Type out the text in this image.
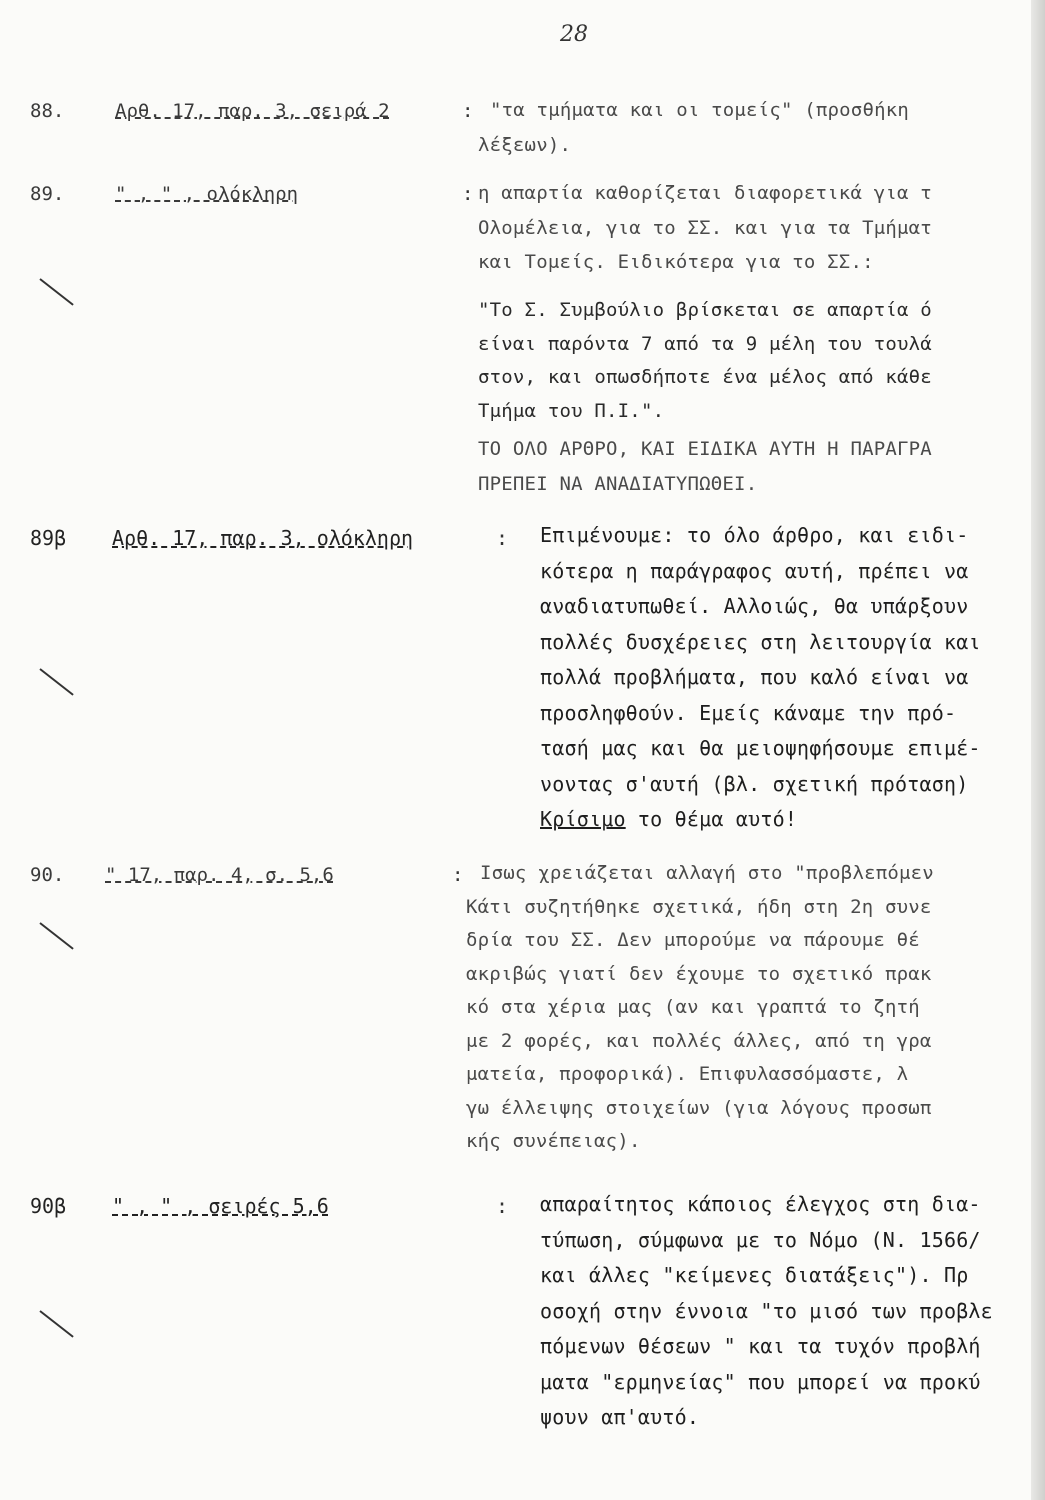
28
88.	Αρθ. 17, παρ. 3, σειρά 2	: "τα τμήματα και οι τομείς" (προσθήκη
λέξεων).
89.	" , " , ολόκληρη	: η απαρτία καθορίζεται διαφορετικά για τ
Ολομέλεια, για το ΣΣ. και για τα Τμήματ
και Τομείς. Ειδικότερα για το ΣΣ.:
"Το Σ. Συμβούλιο βρίσκεται σε απαρτία ό
είναι παρόντα 7 από τα 9 μέλη του τουλά
στον, και οπωσδήποτε ένα μέλος από κάθε
Τμήμα του Π.Ι.".
ΤΟ ΟΛΟ ΑΡΘΡΟ, ΚΑΙ ΕΙΔΙΚΑ ΑΥΤΗ Η ΠΑΡΑΓΡΑ
ΠΡΕΠΕΙ ΝΑ ΑΝΑΔΙΑΤΥΠΩΘΕΙ.
89β Αρθ. 17, παρ. 3, ολόκληρη	: Επιμένουμε: το όλο άρθρο, και ειδι-
κότερα η παράγραφος αυτή, πρέπει να
αναδιατυπωθεί. Αλλοιώς, θα υπάρξουν
πολλές δυσχέρειες στη λειτουργία και
πολλά προβλήματα, που καλό είναι να
προσληφθούν. Εμείς κάναμε την πρό-
τασή μας και θα μειοψηφήσουμε επιμέ-
νοντας σ'αυτή (βλ. σχετική πρόταση)
Κρίσιμο το θέμα αυτό!
90. " 17, παρ. 4, σ. 5,6	: Ισως χρειάζεται αλλαγή στο "προβλεπόμεν
Κάτι συζητήθηκε σχετικά, ήδη στη 2η συνε
δρία του ΣΣ. Δεν μπορούμε να πάρουμε θέ
ακριβώς γιατί δεν έχουμε το σχετικό πρακ
κό στα χέρια μας (αν και γραπτά το ζητή
με 2 φορές, και πολλές άλλες, από τη γρα
ματεία, προφορικά). Επιφυλασσόμαστε, λ
γω έλλειψης στοιχείων (για λόγους προσωπ
κής συνέπειας).
90β " , " , σειρές 5,6	: απαραίτητος κάποιος έλεγχος στη δια-
τύπωση, σύμφωνα με το Νόμο (Ν. 1566/
και άλλες "κείμενες διατάξεις"). Πρ
οσοχή στην έννοια "το μισό των προβλε
πόμενων θέσεων " και τα τυχόν προβλή
ματα "ερμηνείας" που μπορεί να προκύ
ψουν απ'αυτό.
